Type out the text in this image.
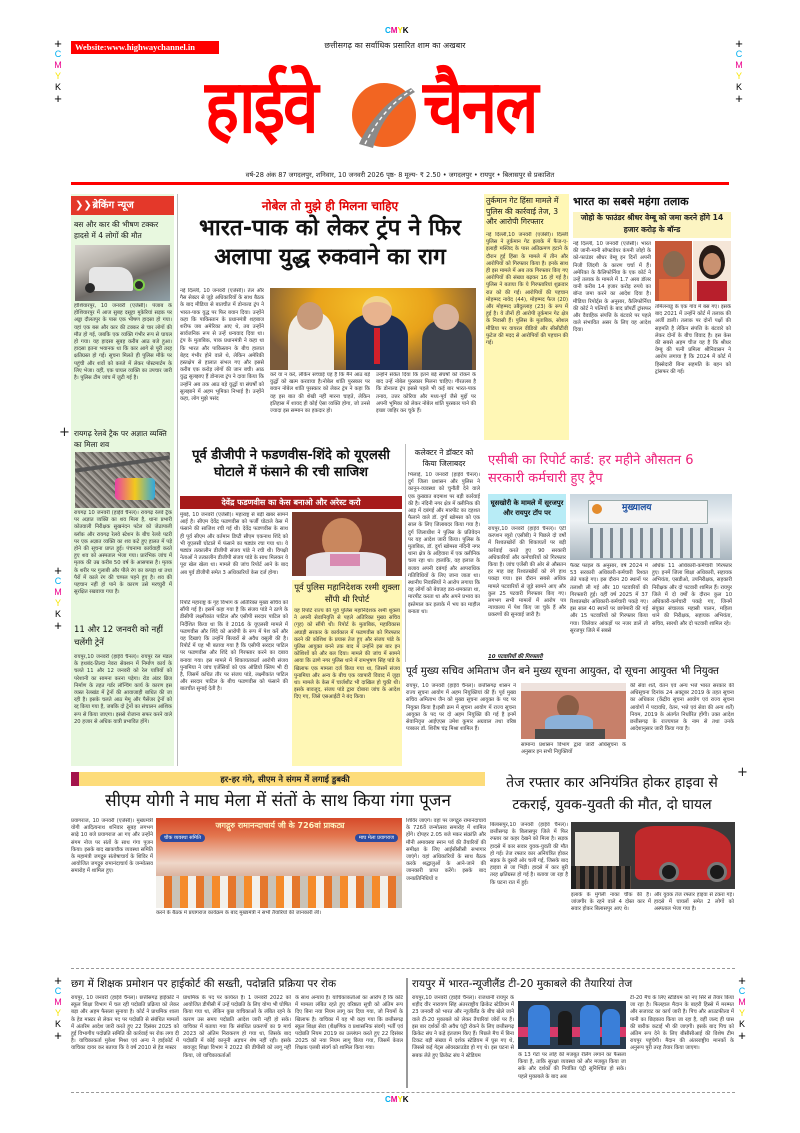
CMYK
+
C
M
Y
K
+
+
C
M
Y
K
+
Website:www.highwaychannel.in	छत्तीसगढ़ का सर्वाधिक प्रसारित शाम का अखबार
हाईवे चैनल
वर्ष-28 अंक 87 जगदलपुर, शनिवार, 10 जनवरी 2026 पृष्ठ- 8 मूल्य- ₹ 2.50 • जगदलपुर • रायपुर • बिलासपुर से प्रकाशित
❯❯ ब्रेकिंग न्यूज
बस और कार की भीषण टक्कर हादसे में 4 लोगों की मौत
होशियारपुर, 10 जनवरी (एजेंसी)। पंजाब के होशियारपुर में आज सुबह दसूहा मुकेरियां सड़क पर अड्डा दौलतपुर के पास एक भीषण हादसा हो गया। यहां एक बस और कार की टक्कर से चार लोगों की मौत हो गई, जबकि एक व्यक्ति गंभीर रूप से घायल हो गया। यह हादसा सुबह करीब आठ बजे हुआ। हादसा इतना भयानक था कि कार आगे से पूरी तरह क्षतिग्रस्त हो गई। सूचना मिलते ही पुलिस मौके पर पहुंची और शवों को कब्जे में लेकर पोस्टमार्टम के लिए भेजा। वहीं, एक घायल व्यक्ति का उपचार जारी है। पुलिस टीम जांच में जुटी गई है।
रायगढ़ रेलवे ट्रैक पर अज्ञात व्यक्ति का मिला शव
रायगढ़ 10 जनवरी (हाईवे चैनल)। रायगढ़ रेलवे ट्रैक पर अज्ञात व्यक्ति का शव मिला है, थाना प्रभारी कोतवाली निरीक्षक सुखनंदन पटेल को जेठापाली ब्लॉक और रायगढ़ रेलवे स्टेशन के बीच रेलवे पटरी पर एक अज्ञात व्यक्ति का शव कटे हुए हालत में पड़े होने की सूचना प्राप्त हुई। पंचनामा कार्यवाही करते हुए शव को अस्पताल भेजा गया। प्रारंभिक जांच में मृतक की उम्र करीब 50 वर्ष के आसपास है। मृतक के शरीर पर गुलाबी और पीले रंग का कपड़ा था तथा पैरों में काले रंग की चप्पल पहने हुए है। शव की पहचान नहीं हो पाने के कारण उसे मरच्युरी में सुरक्षित रखवाया गया है।
11 और 12 जनवरी को नहीं चलेंगी ट्रेनें
रायपुर,10 जनवरी (हाईवे चैनल)। रायपुर रेल मंडल के हथबंद-तिल्दा नेवरा सेक्शन में निर्माण कार्य के चलते 11 और 12 जनवरी को रेल यात्रियों को परेशानी का सामना करना पड़ेगा। रोड अंडर ब्रिज निर्माण के तहत गर्डर लॉन्चिंग कार्य के कारण इस व्यस्त रेलखंड में ट्रेनों की आवाजाही बाधित की जा रही है। इसके चलते आठ मेमू और पैसेंजर ट्रेनों को रद्द किया गया है, जबकि दो ट्रेनों का संचालन आंशिक रूप से किया जाएगा। इससे रोजाना सफर करने वाले 20 हजार से अधिक यात्री प्रभावित होंगे।
+
+
C
M
Y
K
+
नोबेल तो मुझे ही मिलना चाहिए
भारत-पाक को लेकर ट्रंप ने फिर अलापा युद्ध रुकवाने का राग
नई दिल्ली, 10 जनवरी (एजेंसी)। तेल और गैस सेक्टर से जुड़े अधिकारियों के साथ बैठक के बाद मीडिया से बातचीत में डोनाल्ड ट्रंप ने भारत-पाक युद्ध पर फिर बयान दिया। उन्होंने कहा कि पाकिस्तान के प्रधानमंत्री शहबाज शरीफ जब अमेरिका आए थे, तब उन्होंने सार्वजनिक रूप से उन्हें धन्यवाद दिया था। ट्रंप के मुताबिक, पाक प्रधानमंत्री ने कहा था कि भारत और पाकिस्तान के बीच हालात बेहद गंभीर होने वाले थे, लेकिन अमेरिकी हस्तक्षेप से हालात संभल गए और इससे करीब एक करोड़ लोगों की जान बची। आठ युद्ध सुलझाए हैं डोनाल्ड ट्रंप ने दावा किया कि उन्होंने अब तक आठ बड़े युद्धों या संघर्षों को सुलझाने में अहम भूमिका निभाई है। उन्होंने कहा, लोग मुझे पसंद
करें या न करें, लेकिन सच्चाई यह है कि मैंने आठ बड़े युद्धों को खत्म करवाया है।नोबेल शांति पुरस्कार पर बयान नोबेल शांति पुरस्कार को लेकर ट्रंप ने कहा कि वह इस बात की शेखी नहीं मारना चाहते, लेकिन इतिहास में शायद ही कोई ऐसा व्यक्ति होगा, जो उनसे ज्यादा इस सम्मान का हकदार हो।
उन्होंने संकेत दिया कि इतने बड़े संघर्षों को रोकने के बाद उन्हें नोबेल पुरस्कार मिलना चाहिए। गौरतलब है कि डोनाल्ड ट्रंप इससे पहले भी कई बार भारत-पाक तनाव, उत्तर कोरिया और मध्य-पूर्व जैसे मुद्दों पर अपनी भूमिका को लेकर नोबेल शांति पुरस्कार पाने की इच्छा जाहिर कर चुके हैं।
तुर्कमान गेट हिंसा मामले में पुलिस की कार्रवाई तेज, 3 और आरोपी गिरफ्तार
नई दिल्ली,10 जनवरी (एजेंसी)। दिल्ली पुलिस ने तुर्कमान गेट इलाके में फैज-ए-इलाही मस्जिद के पास अतिक्रमण हटाने के दौरान हुई हिंसा के मामले में तीन और आरोपियों को गिरफ्तार किया है। इनके साथ ही इस मामले में अब तक गिरफ्तार किए गए आरोपियों की संख्या बढ़कर 16 हो गई है। पुलिस ने बताया कि ये गिरफ्तारियां शुक्रवार रात को की गईं। आरोपियों की पहचान मोहम्मद नावेद (44), मोहम्मद फैज (20) और मोहम्मद उबैदुल्लाह (23) के रूप में हुई है। ये तीनों ही आरोपी तुर्कमान गेट क्षेत्र के निवासी हैं। पुलिस के मुताबिक, सोशल मीडिया पर वायरल वीडियो और सीसीटीवी फुटेज की मदद से आरोपियों की पहचान की गई।
भारत का सबसे महंगा तलाक
जोहो के फाउंडर श्रीधर वेम्बू को जमा करने होंगे 14 हजार करोड़ के बॉन्ड
नई दिल्ली, 10 जनवरी (एजेंसी)। भारत की जानी-मानी सॉफ्टवेयर कंपनी जोहो के को-फाउंडर श्रीधर वेम्बू इन दिनों अपनी निजी जिंदगी के कारण चर्चा में हैं। अमेरिका के कैलिफोर्निया के एक कोर्ट ने उन्हें तलाक के मामले में 1.7 अरब डॉलर यानी करीब 14 हजार करोड़ रुपये का बॉन्ड जमा करने का आदेश दिया है। मीडिया रिपोर्ट्स के अनुसार, कैलिफोर्निया की कोर्ट ने पत्नियों के बाद प्रॉपर्टी ट्रांसफर और वैवाहिक संपत्ति के बंटवारे पर पहले वाले संभावित असर के लिए यह आदेश दिया।
तमिलनाडु के एक गांव में बस गए। इसके बाद 2021 में उन्होंने कोर्ट में तलाक की अर्जी डाली। तलाक पर दोनों पक्षों की सहमति है लेकिन संपत्ति के बंटवारे को लेकर दोनों के बीच विवाद है। इस केस की सबसे अहम चीज यह है कि श्रीधर वेम्बू की पत्नी प्रमिला श्रीनिवासन ने आरोप लगाया है कि 2024 में कोर्ट में हिस्सेदारी बिना सहमति के बहन को ट्रांसफर की गई।
पूर्व डीजीपी ने फडणवीस-शिंदे को यूएलसी घोटाले में फंसाने की रची साजिश
देवेंद्र फडणवीस का केस बनाओ और अरेस्ट करो
मुंबई, 10 जनवरी (एजेंसी)। महाराष्ट्र से बड़ी खबर सामने आई है। सीएम देवेंद्र फडणवीस को फर्जी घोटाले केस में फंसाने की साजिश रची गई थी। देवेंद्र फडणवीस के साथ ही पूर्व सीएम और वर्तमान डिप्टी सीएम एकनाथ शिंदे को भी यूएलसी घोटाले में फंसाने का षड्यंत्र रचा गया था। ये षड्यंत्र तत्कालीन डीजीपी संजय पांडे ने रची थी। विपक्षी नेताओं ने तत्कालीन डीजीपी संजय पांडे के साथ मिलकर ये पूरा खेल खेला था। मामले की जांच रिपोर्ट आने के बाद अब पूर्व डीजीपी समेत 3 अधिकारियों केस दर्ज होगा।
रिपोर्ट महाराष्ट्र के गृह विभाग के अतिरिक्त मुख्य सचिव को सौंपी गई है। इसमें कहा गया है कि संजय पांडे ने ठाणे के डीसीपी लक्ष्मीकांत पाटिल और एसीपी सरदार पाटिल को निर्देशित किया था कि वे 2016 के यूएलसी मामले में फडणवीस और शिंदे को आरोपी के रूप में पेश करें और यह दिखाएं कि उन्होंने बिल्डरों से अवैध वसूली की है। रिपोर्ट में यह भी बताया गया है कि एसीपी सरदार पाटिल पर फडणवीस और शिंदे को गिरफ्तार करने का दबाव बनाया गया। इस मामले में शिकायतकर्ता आरोपी संजय पुनामिया ने जांच एजेंसियों को एक ऑडियो क्लिप भी दी है, जिसमें कथित तौर पर संजय पांडे, लक्ष्मीकांत पाटिल और सरदार पाटिल के बीच फडणवीस को फंसाने की बातचीत सुनाई देती है।
पूर्व पुलिस महानिदेशक रश्मी शुक्ला सौंपी थी रिपोर्ट
यह रिपोर्ट राज्य की पूर्व पुलिस महानिदेशक रश्मी शुक्ला ने अपनी सेवानिवृत्ति से पहले अतिरिक्त मुख्य सचिव (गृह) को सौंपी थी। रिपोर्ट के मुताबिक, महाविकास अघाड़ी सरकार के कार्यकाल में फडणवीस को गिरफ्तार करने की कोशिश के प्रयास तेज हुए और संजय पांडे के पुलिस आयुक्त बनने तक बाद में उन्होंने इस बार इन कोशिशों को और बल दिया। मामले की जांच में सामने आया कि ठाणे नगर पुलिस थाने में रामभूषण सिंह पांडे के खिलाफ एक मामला दर्ज किया गया था, जिसमें संजय पुनामिया और अन्य के बीच एक व्यापारी विवाद में जुड़ा था। मामले के केस में चार्जशीट भी दाखिल हो चुकी थी। इसके बावजूद, संजय पांडे द्वारा दोबारा जांच के आदेश दिए गए, जिसे एसआईटी ने बंद किया।
कलेक्टर ने डॉक्टर को किया जिलाबदर
भिलाई, 10 जनवरी (हाईवे चैनल)। दुर्ग जिला प्रशासन और पुलिस ने कानून-व्यवस्था को चुनौती देने वाले एक कुख्यात बदमाश पर बड़ी कार्रवाई की है। नंदिनी नगर क्षेत्र में क्लीनिक की आड़ में दबंगई और मारपीट का दहशत फैलाने वाले डॉ. दुर्गा खोमसा को एक साल के लिए जिलाबदर किया गया है। दुर्ग जिलाधीश ने पुलिस के प्रतिवेदन पर यह आदेश जारी किया। पुलिस के मुताबिक, डॉ. दुर्गा खोमसा नंदिनी नगर थाना क्षेत्र के अहिवारा में एक क्लीनिक चला रहा था। हालांकि, वह इलाज के बजाय अपनी दबंगई और आपराधिक गतिविधियों के लिए जाना जाता था। स्थानीय निवासियों ने आरोप लगाया कि वह लोगों को बेवजह डरा-धमकाता था, मारपीट करता था और अपने प्रभाव का इस्तेमाल कर इलाके में भय का माहौल बनाता था।
एसीबी का रिपोर्ट कार्ड: हर महीने औसतन 6 सरकारी कर्मचारी हुए ट्रैप
घूसखोरी के मामले में सूरजपुर और रायपुर टॉप पर
रायपुर,10 जनवरी (हाईवे चैनल)। एंटी करप्शन ब्यूरो (एसीबी) ने पिछले दो वर्षों में रिश्वतखोरों की शिकायतों पर बड़ी कार्रवाई करते हुए 90 सरकारी अधिकारियों और कर्मचारियों को गिरफ्तार किया है। जांच एजेंसी की ओर से औसतन हर माह छह रिश्वतखोरों को रंगे हाथ पकड़ा गया। इस दौरान सबसे अधिक मामले पटवारियों से जुड़े सामने आए और कुल 25 पटवारी गिरफ्तार किए गए। लगभग सभी मामलों में आरोप पत्र न्यायालय में पेश किए जा चुके हैं और प्रकरणों की सुनवाई जारी है।
10 पटवारियों की गिरफ्तारी
मुख्यालय
फैक्ट फाइल के अनुसार, वर्ष 2024 में 53 सरकारी अधिकारी-कर्मचारी रिश्वत लेते पकड़े गए। इस दौरान 20 स्थानों पर तलाशी ली गई और 10 पटवारियों की गिरफ्तारी हुई। वहीं वर्ष 2025 में 37 रिश्वतखोर अधिकारी-कर्मचारी पकड़े गए। इस साल 40 स्थानों पर छापेमारी की गई और 15 पटवारियों को गिरफ्तार किया गया। जिलेवार आंकड़ों पर नजर डालें तो सूरजपुर जिले में सबसे
अधिक 11 अधिकारी-कर्मचारी गिरफ्तार हुए। इनमें जिला शिक्षा अधिकारी, सहायक अभियंता, एसडीओ, उपनिरीक्षक, सहकारी निरीक्षक और दो पटवारी शामिल हैं। रायपुर जिले में दो वर्षों के दौरान कुल 10 अधिकारी-कर्मचारी पकड़े गए, जिनमें संयुक्त संचालक महासी पालन, महिला थाने की निरीक्षक, सहायक अभियंता, सचिव, सारथी और दो पटवारी शामिल रहे।
पूर्व मुख्य सचिव अमिताभ जैन बने मुख्य सूचना आयुक्त, दो सूचना आयुक्त भी नियुक्त
रायपुर, 10 जनवरी (हाईवे चैनल)। छत्तीसगढ़ शासन ने राज्य सूचना आयोग में अहम नियुक्तियां की हैं। पूर्व मुख्य सचिव अमिताभ जैन को मुख्य सूचना आयुक्त के पद पर नियुक्त किया है।इसी क्रम में सूचना आयोग में राज्य सूचना आयुक्त के पद पर दो अहम नियुक्ति की गई है इनमें सेवानिवृत्त आईएएस उमेश कुमार अग्रवाल तथा वरिष्ठ पत्रकार डॉ. शिरीष चंद्र मिश्रा शामिल हैं।
सामान्य प्रशासन विभाग द्वारा जारी अधिसूचना के अनुसार इन सभी नियुक्तियों
की सेवा शर्तें, वेतन एवं अन्य भत्ते भारत सरकार की अधिसूचना दिनांक 24 अक्टूबर 2019 के तहत सूचना का अधिकार (केंद्रीय सूचना आयोग एवं राज्य सूचना आयोगों में पदावधि, वेतन, भत्ते एवं सेवा की अन्य शर्तें) नियम, 2019 के अंतर्गत निर्धारित होंगी। उक्त आदेश छत्तीसगढ़ के राज्यपाल के नाम से तथा उनके आदेशानुसार जारी किया गया है।
+
हर-हर गंगे, सीएम ने संगम में लगाई डुबकी
सीएम योगी ने माघ मेला में संतों के साथ किया गंगा पूजन
प्रयागराज, 10 जनवरी (एजेंसी)। मुख्यमंत्री योगी आदित्यनाथ शनिवार सुबह लगभग साढ़े 10 बजे प्रयागराज आ गए और उन्होंने संगम नोज पर संतों के साथ गंगा पूजन किया। इसके बाद खाकचौक व्यवस्था समिति के महामंत्री जगद्गुरु संतोषाचार्य के शिविर में आयोजित जगद्गुरु रामानंदाचार्य के जन्मोत्सव समारोह में शामिल हुए।
जगद्गुरु रामानन्दाचार्य जी के 726वां प्राकट्य
चौक व्यवस्था समिति	माघ मेला प्रयागराज
करने के बैठक में प्रयागराज कार्यक्रम के बाद मुख्यमंत्री ने सभी तैयारियों की जानकारी ली।
शिविर जाएंगे। वहां पर जगद्गुरु रामानंदाचार्य के 726वें जन्मोत्सव समारोह में शामिल होंगे। दोपहर 2.05 बजे मकर संक्रांति और मौनी अमावस्या स्नान पर्व की तैयारियों की समीक्षा के लिए आईसीसीसी सभागार जाएंगे। यहां अधिकारियों के साथ बैठक करके श्रद्धालुओं के आने-जाने की जानकारी प्राप्त करेंगे। इसके बाद जनप्रतिनिधियों व
तेज रफ्तार कार अनियंत्रित होकर हाइवा से टकराई, युवक-युवती की मौत, दो घायल
बिलासपुर,10 जनवरी (हाईवे चैनल)। छत्तीसगढ़ के बिलासपुर जिले में फिर रफ्तार का कहर देखने को मिला है। सड़क हादसे में कार सवार युवक-युवती की मौत हो गई। तेज रफ्तार कार अनियंत्रित होकर सड़क के दूसरी ओर चली गई, जिसके बाद हाइवा से जा भिड़ी। हादसे में कार बुरी तरह क्षतिग्रस्त हो गई है। बताया जा रहा है कि घटना रात में हुई।
इलाके के मुंगेली नाका चौक की है। जांजगीर के रहने वाले 4 दोस्त कार में सवार होकर बिलासपुर आए थे।
और युवक तेज रफ्तार हाइवा से टकरा गई।हादसे में घायलों समेत 2 लोगों को अस्पताल भेजा गया है।
छग में शिक्षक प्रमोशन पर हाईकोर्ट की सख्ती, पदोन्नति प्रक्रिया पर रोक
रायपुर, 10 जनवरी (हाईवे चैनल)। छत्तीसगढ़ हाईकोर्ट ने स्कूल शिक्षा विभाग में चल रही पदोन्नति प्रक्रिया को लेकर बड़ा और अहम फैसला सुनाया है। कोर्ट ने प्राथमिक शाला के हेड मास्टर से लेकर पद पर पदोन्नति से संबंधित मामलों में अंतरिम आदेश जारी करते हुए 22 दिसंबर 2025 को हुई विभागीय पदोन्नति समिति की कार्रवाई पर रोक लगा दी है। याचिकाकर्ता मुकेश मिश्रा एवं अन्य ने हाईकोर्ट में याचिका दायर कर बताया कि वे वर्ष 2010 से हेड मास्टर
प्राथमिक के पद पर कार्यरत हैं। 1 जनवरी 2022 को आयोजित डीपीसी में उन्हें पदोन्नति के लिए योग्य भी घोषित किया गया था, लेकिन कुछ याचिकाओं के लंबित रहने के कारण उस समय पदोन्नति आदेश जारी नहीं हो सके। याचिका में बताया गया कि संबंधित प्रकरणों का 9 मार्च 2023 को अंतिम निराकरण हो गया था, जिसके बाद पदोन्नति में कोई कानूनी अड़चन शेष नहीं रही। इसके बावजूद शिक्षा विभाग ने 2022 की डीपीसी को लागू नहीं किया, जो याचिकाकर्ताओं
के साथ अन्याय है। याचिकाकर्ताओं का आरोप है कि कोर्ट में मामला लंबित रहते हुए वरिष्ठता सूची को अंतिम रूप दिए बिना नया नियम लागू कर दिया गया, जो नियमों के खिलाफ है। याचिका में यह भी कहा गया कि छत्तीसगढ़ स्कूल शिक्षा सेवा (शैक्षणिक व प्रशासनिक संवर्ग) भर्ती एवं पदोन्नति नियम 2019 का उल्लंघन करते हुए 22 दिसंबर 2025 को नया नियम लागू किया गया, जिसमें केवल शिक्षक एलबी संवर्ग को शामिल किया गया।
रायपुर में भारत-न्यूजीलैंड टी-20 मुकाबले की तैयारियां तेज
रायपुर,10 जनवरी (हाईवे चैनल)। राजधानी रायपुर के शहीद वीर नारायण सिंह अंतरराष्ट्रीय क्रिकेट स्टेडियम में 23 जनवरी को भारत और न्यूजीलैंड के बीच खेले जाने वाले टी-20 मुकाबले को लेकर तैयारियां जोरों पर हैं। इस बार दर्शकों की अवैध एंट्री रोकने के लिए छत्तीसगढ़ क्रिकेट संघ ने कड़े इंतजाम किए हैं। पिछले मैच में बिना टिकट बड़ी संख्या में दर्शक स्टेडियम में घुस गए थे, जिससे कई गेट्स ओवरक्राउडेड हो गए थे। इस घटना से सबक लेते हुए क्रिकेट संघ ने स्टेडियम	के 13 गेटों पर लोहे की मजबूत रेलिंग लगाने का फैसला किया है, ताकि सुरक्षा व्यवस्था को और मजबूत किया जा सके और दर्शकों की नियंत्रित एंट्री सुनिश्चित हो सके। पहले मुकाबले के बाद अब
टी-20 मैच के लिए स्टेडियम को नए सिरे से तैयार किया जा रहा है। फिलहाल मैदान के बाहरी हिस्से में मरम्मत और सजावट का कार्य जारी है। पिच और आउटफील्ड में पानी का छिड़काव किया जा रहा है, वहीं जल्द ही घास की बारीक कटाई भी की जाएगी। इसके बाद पिच को अंतिम रूप देने के लिए बीसीसीआई की विशेष टीम रायपुर पहुंचेगी। मैदान की अंतरराष्ट्रीय मानकों के अनुरूप पूरी तरह तैयार किया जाएगा।
+
C
M
Y
K
+
+
C
M
Y
K
+
CMYK
